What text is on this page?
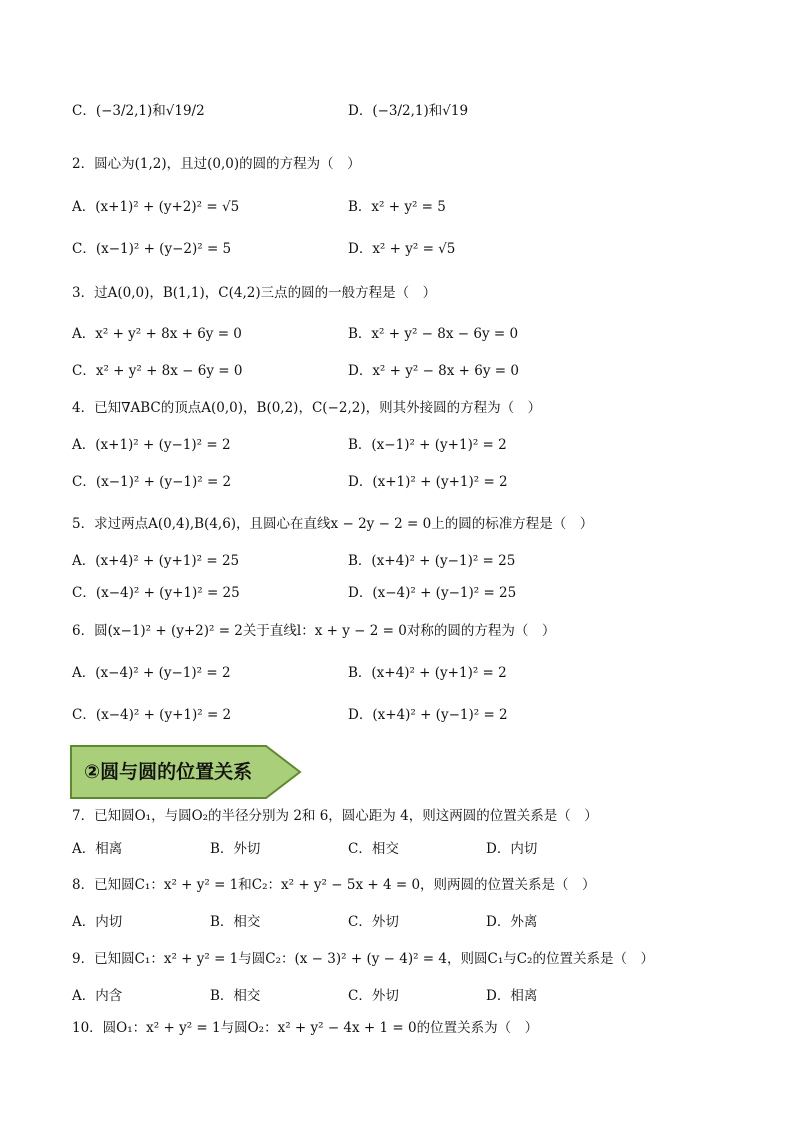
C．(−3/2,1)和√19/2	D．(−3/2,1)和√19
2．圆心为(1,2)，且过(0,0)的圆的方程为（　）
A．(x+1)² + (y+2)² = √5	B．x² + y² = 5
C．(x−1)² + (y−2)² = 5	D．x² + y² = √5
3．过A(0,0)，B(1,1)，C(4,2)三点的圆的一般方程是（　）
A．x² + y² + 8x + 6y = 0	B．x² + y² − 8x − 6y = 0
C．x² + y² + 8x − 6y = 0	D．x² + y² − 8x + 6y = 0
4．已知∇ABC的顶点A(0,0)，B(0,2)，C(−2,2)，则其外接圆的方程为（　）
A．(x+1)² + (y−1)² = 2	B．(x−1)² + (y+1)² = 2
C．(x−1)² + (y−1)² = 2	D．(x+1)² + (y+1)² = 2
5．求过两点A(0,4),B(4,6)，且圆心在直线x − 2y − 2 = 0上的圆的标准方程是（　）
A．(x+4)² + (y+1)² = 25	B．(x+4)² + (y−1)² = 25
C．(x−4)² + (y+1)² = 25	D．(x−4)² + (y−1)² = 25
6．圆(x−1)² + (y+2)² = 2关于直线l：x + y − 2 = 0对称的圆的方程为（　）
A．(x−4)² + (y−1)² = 2	B．(x+4)² + (y+1)² = 2
C．(x−4)² + (y+1)² = 2	D．(x+4)² + (y−1)² = 2
②圆与圆的位置关系
7．已知圆O₁，与圆O₂的半径分别为 2和 6，圆心距为 4，则这两圆的位置关系是（　）
A．相离	B．外切	C．相交	D．内切
8．已知圆C₁：x² + y² = 1和C₂：x² + y² − 5x + 4 = 0，则两圆的位置关系是（　）
A．内切	B．相交	C．外切	D．外离
9．已知圆C₁：x² + y² = 1与圆C₂：(x − 3)² + (y − 4)² = 4，则圆C₁与C₂的位置关系是（　）
A．内含	B．相交	C．外切	D．相离
10．圆O₁：x² + y² = 1与圆O₂：x² + y² − 4x + 1 = 0的位置关系为（　）
